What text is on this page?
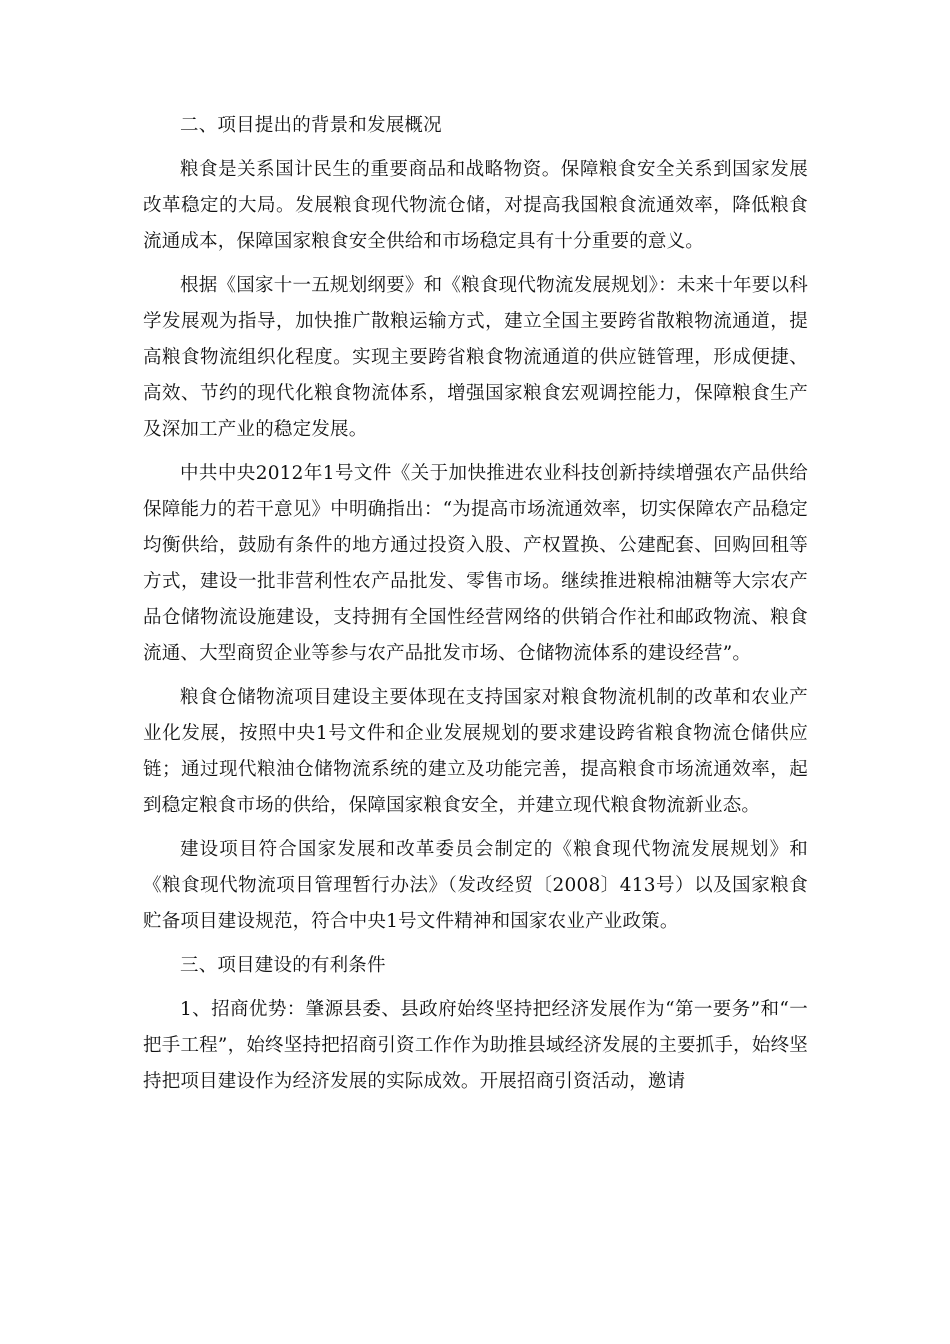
二、项目提出的背景和发展概况

粮食是关系国计民生的重要商品和战略物资。保障粮食安全关系到国家发展改革稳定的大局。发展粮食现代物流仓储，对提高我国粮食流通效率，降低粮食流通成本，保障国家粮食安全供给和市场稳定具有十分重要的意义。

根据《国家十一五规划纲要》和《粮食现代物流发展规划》：未来十年要以科学发展观为指导，加快推广散粮运输方式，建立全国主要跨省散粮物流通道，提高粮食物流组织化程度。实现主要跨省粮食物流通道的供应链管理，形成便捷、高效、节约的现代化粮食物流体系，增强国家粮食宏观调控能力，保障粮食生产及深加工产业的稳定发展。

中共中央2012年1号文件《关于加快推进农业科技创新持续增强农产品供给保障能力的若干意见》中明确指出：“为提高市场流通效率，切实保障农产品稳定均衡供给，鼓励有条件的地方通过投资入股、产权置换、公建配套、回购回租等方式，建设一批非营利性农产品批发、零售市场。继续推进粮棉油糖等大宗农产品仓储物流设施建设，支持拥有全国性经营网络的供销合作社和邮政物流、粮食流通、大型商贸企业等参与农产品批发市场、仓储物流体系的建设经营”。

粮食仓储物流项目建设主要体现在支持国家对粮食物流机制的改革和农业产业化发展，按照中央1号文件和企业发展规划的要求建设跨省粮食物流仓储供应链；通过现代粮油仓储物流系统的建立及功能完善，提高粮食市场流通效率，起到稳定粮食市场的供给，保障国家粮食安全，并建立现代粮食物流新业态。

建设项目符合国家发展和改革委员会制定的《粮食现代物流发展规划》和《粮食现代物流项目管理暂行办法》（发改经贸〔2008〕413号）以及国家粮食贮备项目建设规范，符合中央1号文件精神和国家农业产业政策。

三、项目建设的有利条件

1、招商优势：肇源县委、县政府始终坚持把经济发展作为“第一要务”和“一把手工程”，始终坚持把招商引资工作作为助推县域经济发展的主要抓手，始终坚持把项目建设作为经济发展的实际成效。开展招商引资活动，邀请
